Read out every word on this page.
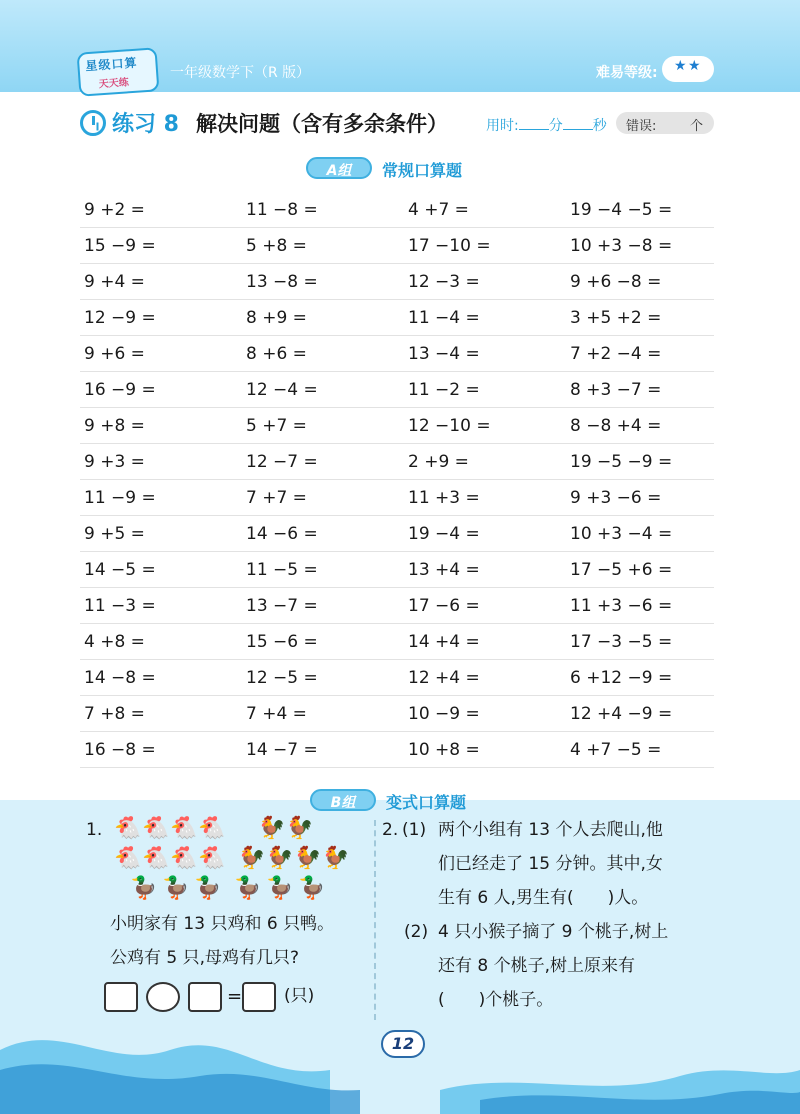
星级口算
天天练
一年级数学下（R 版）	难易等级: ★ ★
练习 8 解决问题（含有多余条件）	用时: 分 秒 错误:	个
A组	常规口算题
9 +2 =	11 −8 =	4 +7 =	19 −4 −5 =
15 −9 =	5 +8 =	17 −10 =	10 +3 −8 =
9 +4 =	13 −8 =	12 −3 =	9 +6 −8 =
12 −9 =	8 +9 =	11 −4 =	3 +5 +2 =
9 +6 =	8 +6 =	13 −4 =	7 +2 −4 =
16 −9 =	12 −4 =	11 −2 =	8 +3 −7 =
9 +8 =	5 +7 =	12 −10 =	8 −8 +4 =
9 +3 =	12 −7 =	2 +9 =	19 −5 −9 =
11 −9 =	7 +7 =	11 +3 =	9 +3 −6 =
9 +5 =	14 −6 =	19 −4 =	10 +3 −4 =
14 −5 =	11 −5 =	13 +4 =	17 −5 +6 =
11 −3 =	13 −7 =	17 −6 =	11 +3 −6 =
4 +8 =	15 −6 =	14 +4 =	17 −3 −5 =
14 −8 =	12 −5 =	12 +4 =	6 +12 −9 =
7 +8 =	7 +4 =	10 −9 =	12 +4 −9 =
16 −8 =	14 −7 =	10 +8 =	4 +7 −5 =
B组	变式口算题
1. 🐔 🐔 🐔 🐔 🐓 🐓
🐔 🐔 🐔 🐔 🐓 🐓 🐓 🐓
🦆 🦆 🦆 🦆 🦆 🦆
小明家有 13 只鸡和 6 只鸭。
公鸡有 5 只,母鸡有几只?
= (只)
2. (1) 两个小组有 13 个人去爬山,他
们已经走了 15 分钟。其中,女
生有 6 人,男生有(　　)人。
(2) 4 只小猴子摘了 9 个桃子,树上
还有 8 个桃子,树上原来有
(　　)个桃子。
12
